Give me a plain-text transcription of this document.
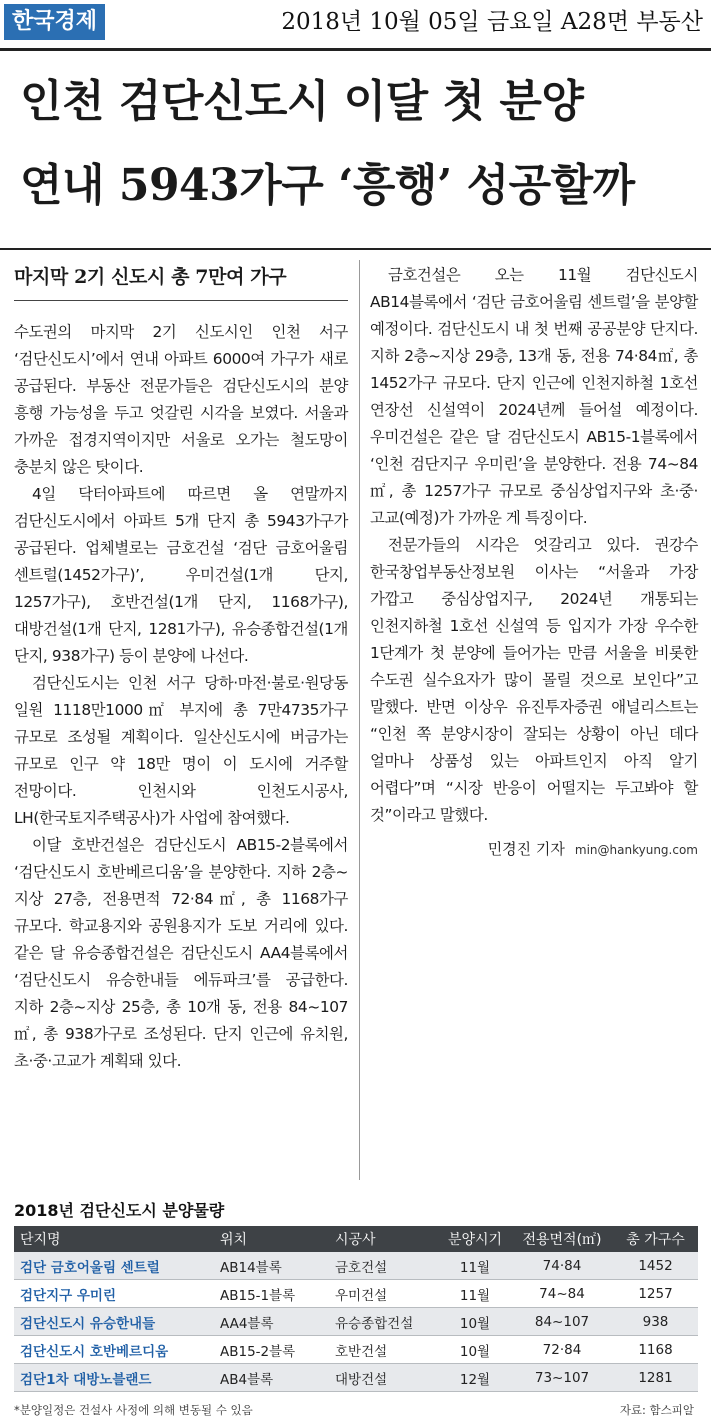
한국경제	2018년 10월 05일 금요일 A28면 부동산
인천 검단신도시 이달 첫 분양
연내 5943가구 ‘흥행’ 성공할까
마지막 2기 신도시 총 7만여 가구

수도권의 마지막 2기 신도시인 인천 서구 ‘검단신도시’에서 연내 아파트 6000여 가구가 새로 공급된다. 부동산 전문가들은 검단신도시의 분양 흥행 가능성을 두고 엇갈린 시각을 보였다. 서울과 가까운 접경지역이지만 서울로 오가는 철도망이 충분치 않은 탓이다.

4일 닥터아파트에 따르면 올 연말까지 검단신도시에서 아파트 5개 단지 총 5943가구가 공급된다. 업체별로는 금호건설 ‘검단 금호어울림 센트럴(1452가구)’, 우미건설(1개 단지, 1257가구), 호반건설(1개 단지, 1168가구), 대방건설(1개 단지, 1281가구), 유승종합건설(1개 단지, 938가구) 등이 분양에 나선다.

검단신도시는 인천 서구 당하·마전·불로·원당동 일원 1118만1000㎡ 부지에 총 7만4735가구 규모로 조성될 계획이다. 일산신도시에 버금가는 규모로 인구 약 18만 명이 이 도시에 거주할 전망이다. 인천시와 인천도시공사, LH(한국토지주택공사)가 사업에 참여했다.

이달 호반건설은 검단신도시 AB15-2블록에서 ‘검단신도시 호반베르디움’을 분양한다. 지하 2층~지상 27층, 전용면적 72·84㎡, 총 1168가구 규모다. 학교용지와 공원용지가 도보 거리에 있다. 같은 달 유승종합건설은 검단신도시 AA4블록에서 ‘검단신도시 유승한내들 에듀파크’를 공급한다. 지하 2층~지상 25층, 총 10개 동, 전용 84~107㎡, 총 938가구로 조성된다. 단지 인근에 유치원, 초·중·고교가 계획돼 있다.

금호건설은 오는 11월 검단신도시 AB14블록에서 ‘검단 금호어울림 센트럴’을 분양할 예정이다. 검단신도시 내 첫 번째 공공분양 단지다. 지하 2층~지상 29층, 13개 동, 전용 74·84㎡, 총 1452가구 규모다. 단지 인근에 인천지하철 1호선 연장선 신설역이 2024년께 들어설 예정이다. 우미건설은 같은 달 검단신도시 AB15-1블록에서 ‘인천 검단지구 우미린’을 분양한다. 전용 74~84㎡, 총 1257가구 규모로 중심상업지구와 초·중·고교(예정)가 가까운 게 특징이다.

전문가들의 시각은 엇갈리고 있다. 권강수 한국창업부동산정보원 이사는 “서울과 가장 가깝고 중심상업지구, 2024년 개통되는 인천지하철 1호선 신설역 등 입지가 가장 우수한 1단계가 첫 분양에 들어가는 만큼 서울을 비롯한 수도권 실수요자가 많이 몰릴 것으로 보인다”고 말했다. 반면 이상우 유진투자증권 애널리스트는 “인천 쪽 분양시장이 잘되는 상황이 아닌 데다 얼마나 상품성 있는 아파트인지 아직 알기 어렵다”며 “시장 반응이 어떨지는 두고봐야 할 것”이라고 말했다.

민경진 기자 min@hankyung.com
2018년 검단신도시 분양물량
단지명	위치	시공사	분양시기	전용면적(㎡)	총 가구수
검단 금호어울림 센트럴	AB14블록	금호건설	11월	74·84	1452
검단지구 우미린	AB15-1블록	우미건설	11월	74~84	1257
검단신도시 유승한내들	AA4블록	유승종합건설	10월	84~107	938
검단신도시 호반베르디움	AB15-2블록	호반건설	10월	72·84	1168
검단1차 대방노블랜드	AB4블록	대방건설	12월	73~107	1281
*분양일정은 건설사 사정에 의해 변동될 수 있음	자료: 함스피알
